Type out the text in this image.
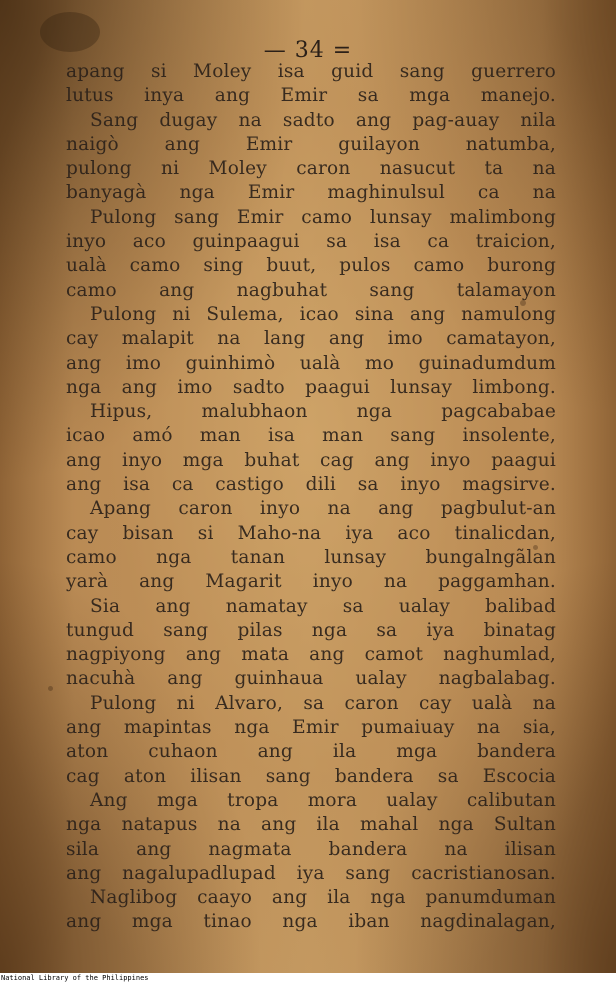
— 34 =
apang si Moley isa guid sang guerrero
lutus inya ang Emir sa mga manejo.
Sang dugay na sadto ang pag-auay nila
naigò ang Emir guilayon natumba,
pulong ni Moley caron nasucut ta na
banyagà nga Emir maghinulsul ca na
Pulong sang Emir camo lunsay malimbong
inyo aco guinpaagui sa isa ca traicion,
ualà camo sing buut, pulos camo burong
camo ang nagbuhat sang talamayon
Pulong ni Sulema, icao sina ang namulong
cay malapit na lang ang imo camatayon,
ang imo guinhimò ualà mo guinadumdum
nga ang imo sadto paagui lunsay limbong.
Hipus, malubhaon nga pagcababae
icao amó man isa man sang insolente,
ang inyo mga buhat cag ang inyo paagui
ang isa ca castigo dili sa inyo magsirve.
Apang caron inyo na ang pagbulut-an
cay bisan si Maho-na iya aco tinalicdan,
camo nga tanan lunsay bungalngãlan
yarà ang Magarit inyo na paggamhan.
Sia ang namatay sa ualay balibad
tungud sang pilas nga sa iya binatag
nagpiyong ang mata ang camot naghumlad,
nacuhà ang guinhaua ualay nagbalabag.
Pulong ni Alvaro, sa caron cay ualà na
ang mapintas nga Emir pumaiuay na sia,
aton cuhaon ang ila mga bandera
cag aton ilisan sang bandera sa Escocia
Ang mga tropa mora ualay calibutan
nga natapus na ang ila mahal nga Sultan
sila ang nagmata bandera na ilisan
ang nagalupadlupad iya sang cacristianosan.
Naglibog caayo ang ila nga panumduman
ang mga tinao nga iban nagdinalagan,
National Library of the Philippines
